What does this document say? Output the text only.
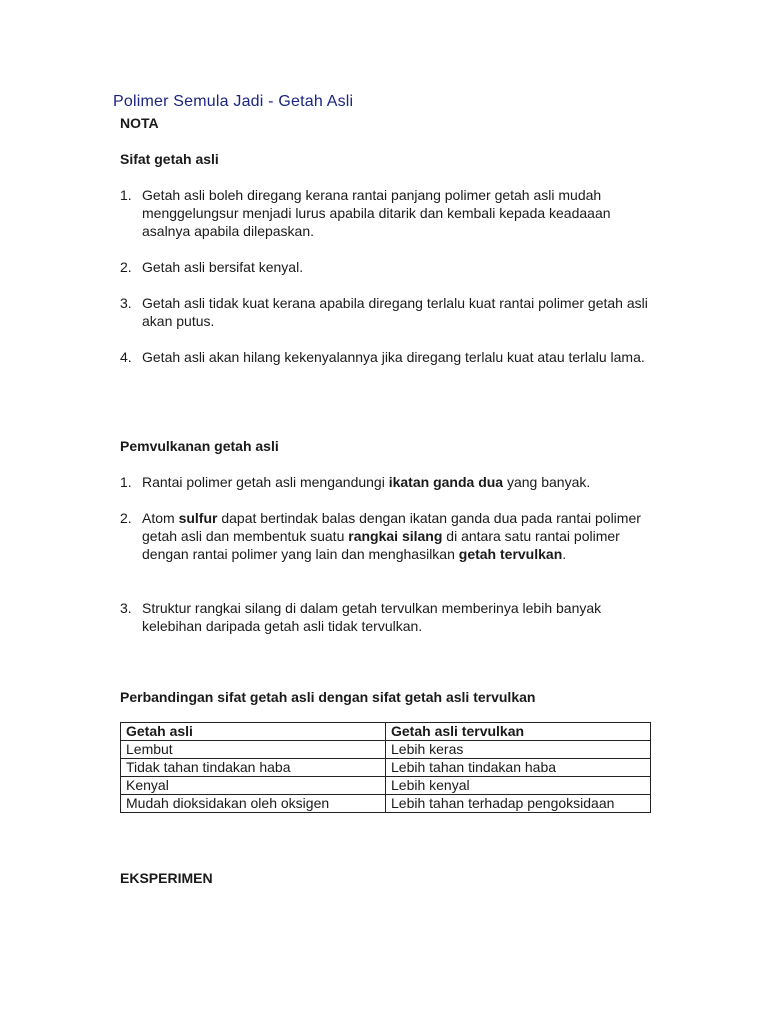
Polimer Semula Jadi - Getah Asli
NOTA
Sifat getah asli
1. Getah asli boleh diregang kerana rantai panjang polimer getah asli mudah menggelungsur menjadi lurus apabila ditarik dan kembali kepada keadaaan asalnya apabila dilepaskan.
2. Getah asli bersifat kenyal.
3. Getah asli tidak kuat kerana apabila diregang terlalu kuat rantai polimer getah asli akan putus.
4. Getah asli akan hilang kekenyalannya jika diregang terlalu kuat atau terlalu lama.
Pemvulkanan getah asli
1. Rantai polimer getah asli mengandungi ikatan ganda dua yang banyak.
2. Atom sulfur dapat bertindak balas dengan ikatan ganda dua pada rantai polimer getah asli dan membentuk suatu rangkai silang di antara satu rantai polimer dengan rantai polimer yang lain dan menghasilkan getah tervulkan.
3. Struktur rangkai silang di dalam getah tervulkan memberinya lebih banyak kelebihan daripada getah asli tidak tervulkan.
Perbandingan sifat getah asli dengan sifat getah asli tervulkan
Getah asli	Getah asli tervulkan
Lembut	Lebih keras
Tidak tahan tindakan haba	Lebih tahan tindakan haba
Kenyal	Lebih kenyal
Mudah dioksidakan oleh oksigen	Lebih tahan terhadap pengoksidaan
EKSPERIMEN
